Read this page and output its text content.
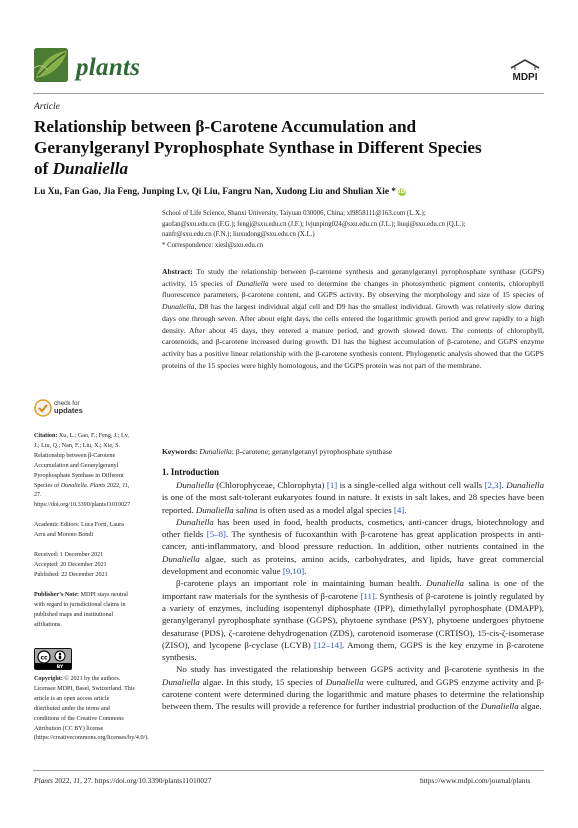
plants	MDPI
Article
Relationship between β-Carotene Accumulation and
Geranylgeranyl Pyrophosphate Synthase in Different Species
of Dunaliella
Lu Xu, Fan Gao, Jia Feng, Junping Lv, Qi Liu, Fangru Nan, Xudong Liu and Shulian Xie * iD
School of Life Science, Shanxi University, Taiyuan 030006, China; xl9858111@163.com (L.X.);
gaofan@sxu.edu.cn (F.G.); fengj@sxu.edu.cn (J.F.); lvjunping024@sxu.edu.cn (J.L.); liuqi@sxu.edu.cn (Q.L.);
nanfr@sxu.edu.cn (F.N.); liuxudong@sxu.edu.cn (X.L.)
* Correspondence: xiesl@sxu.edu.cn
Abstract: To study the relationship between β-carotene synthesis and geranylgeranyl pyrophosphate synthase (GGPS) activity, 15 species of Dunaliella were used to determine the changes in photosynthetic pigment contents, chlorophyll fluorescence parameters, β-carotene content, and GGPS activity. By observing the morphology and size of 15 species of Dunaliella, D8 has the largest individual algal cell and D9 has the smallest individual. Growth was relatively slow during days one through seven. After about eight days, the cells entered the logarithmic growth period and grew rapidly to a high density. After about 45 days, they entered a mature period, and growth slowed down. The contents of chlorophyll, carotenoids, and β-carotene increased during growth. D1 has the highest accumulation of β-carotene, and GGPS enzyme activity has a positive linear relationship with the β-carotene synthesis content. Phylogenetic analysis showed that the GGPS proteins of the 15 species were highly homologous, and the GGPS protein was not part of the membrane.
Keywords: Dunaliella; β-carotene; geranylgeranyl pyrophosphate synthase
check for
updates
Citation: Xu, L.; Gao, F.; Feng, J.; Lv, J.; Liu, Q.; Nan, F.; Liu, X.; Xie, S. Relationship between β-Carotene Accumulation and Geranylgeranyl Pyrophosphate Synthase in Different Species of Dunaliella. Plants 2022, 11, 27. https://doi.org/10.3390/plants11010027
Academic Editors: Luca Forti, Laura Arru and Moreno Bondi
Received: 1 December 2021
Accepted: 20 December 2021
Published: 22 December 2021
Publisher’s Note: MDPI stays neutral with regard to jurisdictional claims in published maps and institutional affiliations.
cc
BY
Copyright: © 2021 by the authors. Licensee MDPI, Basel, Switzerland. This article is an open access article distributed under the terms and conditions of the Creative Commons Attribution (CC BY) license (https://creativecommons.org/licenses/by/4.0/).
1. Introduction

Dunaliella (Chlorophyceae, Chlorophyta) [1] is a single-celled alga without cell walls [2,3]. Dunaliella is one of the most salt-tolerant eukaryotes found in nature. It exists in salt lakes, and 28 species have been reported. Dunaliella salina is often used as a model algal species [4].

Dunaliella has been used in food, health products, cosmetics, anti-cancer drugs, biotechnology and other fields [5–8]. The synthesis of fucoxanthin with β-carotene has great application prospects in anti-cancer, anti-inflammatory, and blood pressure reduction. In addition, other nutrients contained in the Dunaliella algae, such as proteins, amino acids, carbohydrates, and lipids, have great commercial development and economic value [9,10].

β-carotene plays an important role in maintaining human health. Dunaliella salina is one of the important raw materials for the synthesis of β-carotene [11]. Synthesis of β-carotene is jointly regulated by a variety of enzymes, including isopentenyl diphosphate (IPP), dimethylallyl pyrophosphate (DMAPP), geranylgeranyl pyrophosphate synthase (GGPS), phytoene synthase (PSY), phytoene undergoes phytoene desaturase (PDS), ζ-carotene dehydrogenation (ZDS), carotenoid isomerase (CRTISO), 15-cis-ζ-isomerase (ZISO), and lycopene β-cyclase (LCYB) [12–14]. Among them, GGPS is the key enzyme in β-carotene synthesis.

No study has investigated the relationship between GGPS activity and β-carotene synthesis in the Dunaliella algae. In this study, 15 species of Dunaliella were cultured, and GGPS enzyme activity and β-carotene content were determined during the logarithmic and mature phases to determine the relationship between them. The results will provide a reference for further industrial production of the Dunaliella algae.

Plants 2022, 11, 27. https://doi.org/10.3390/plants11010027	https://www.mdpi.com/journal/plants
